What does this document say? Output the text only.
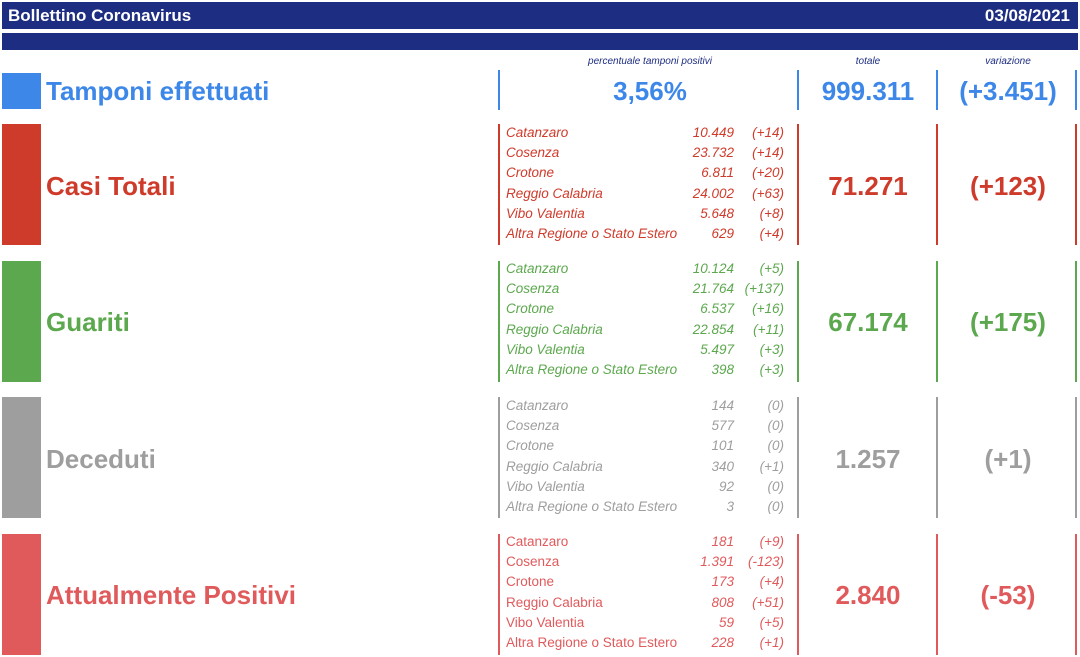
Bollettino Coronavirus	03/08/2021
percentuale tamponi positivi	totale	variazione
Tamponi effettuati	3,56%	999.311	(+3.451)
Casi Totali
Catanzaro	10.449 (+14)
Cosenza	23.732 (+14)
Crotone	6.811 (+20)
Reggio Calabria	24.002 (+63)
Vibo Valentia	5.648 (+8)
Altra Regione o Stato Estero	629 (+4)
71.271	(+123)
Guariti
Catanzaro	10.124 (+5)
Cosenza	21.764 (+137)
Crotone	6.537 (+16)
Reggio Calabria	22.854 (+11)
Vibo Valentia	5.497 (+3)
Altra Regione o Stato Estero	398 (+3)
67.174	(+175)
Deceduti
Catanzaro	144 (0)
Cosenza	577 (0)
Crotone	101 (0)
Reggio Calabria	340 (+1)
Vibo Valentia	92 (0)
Altra Regione o Stato Estero	3 (0)
1.257	(+1)
Attualmente Positivi
Catanzaro	181 (+9)
Cosenza	1.391 (-123)
Crotone	173 (+4)
Reggio Calabria	808 (+51)
Vibo Valentia	59 (+5)
Altra Regione o Stato Estero	228 (+1)
2.840	(-53)
